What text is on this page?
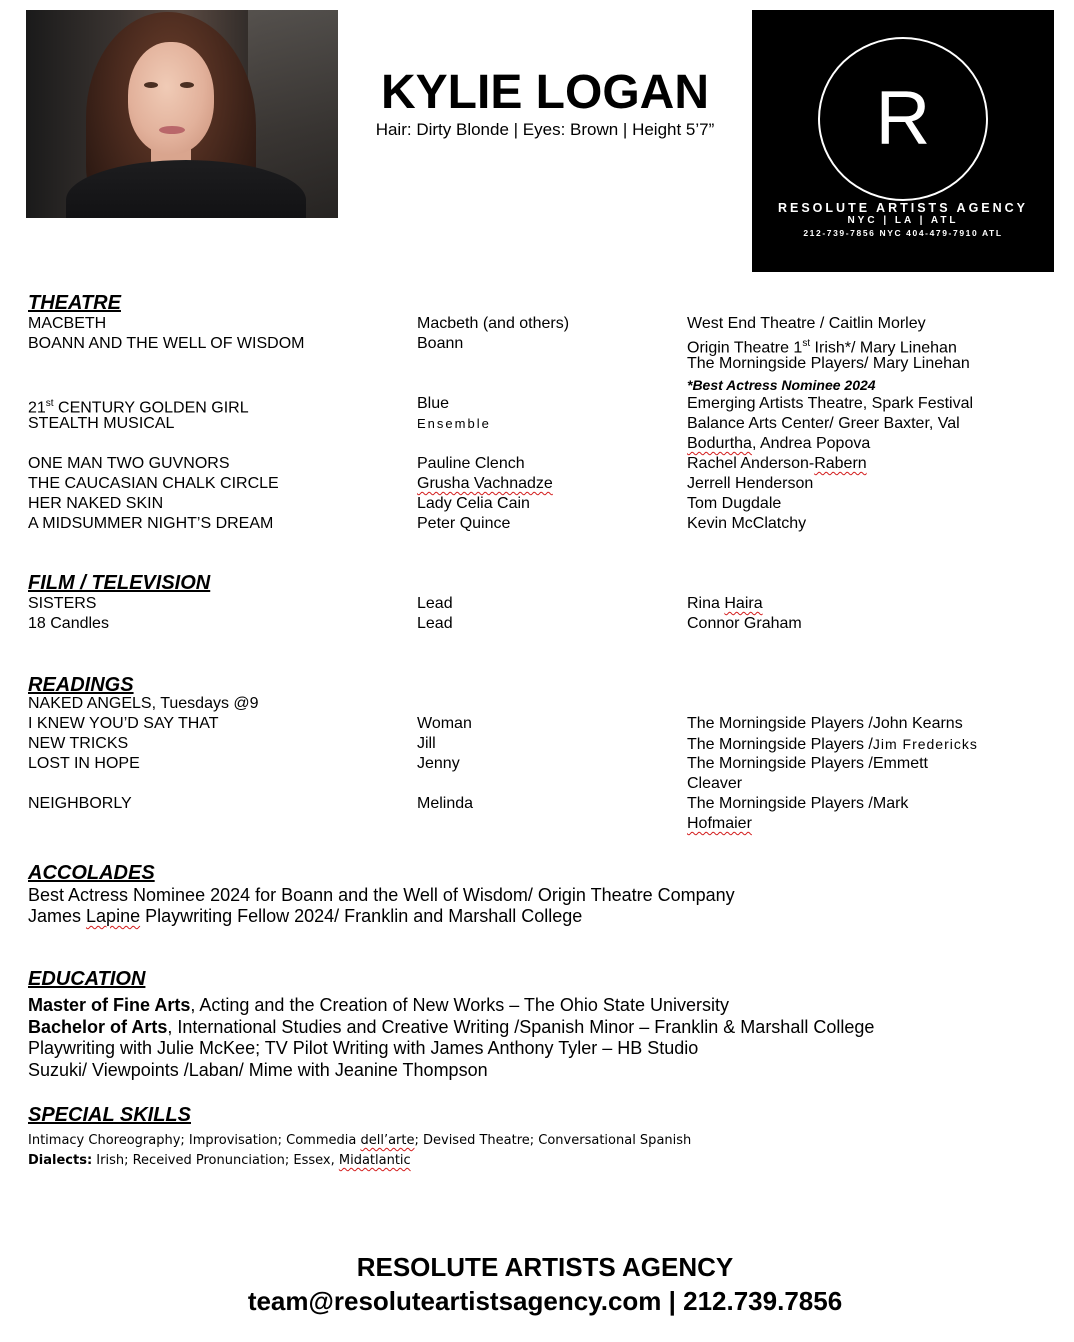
KYLIE LOGAN
Hair: Dirty Blonde | Eyes: Brown | Height 5’7”	R
RESOLUTE ARTISTS AGENCY
NYC | LA | ATL
212-739-7856 NYC 404-479-7910 ATL
THEATRE
MACBETH	Macbeth (and others)	West End Theatre / Caitlin Morley
BOANN AND THE WELL OF WISDOM	Boann	Origin Theatre 1st Irish*/ Mary Linehan
The Morningside Players/ Mary Linehan
*Best Actress Nominee 2024
21st CENTURY GOLDEN GIRL	Blue	Emerging Artists Theatre, Spark Festival
STEALTH MUSICAL	Ensemble	Balance Arts Center/ Greer Baxter, Val
Bodurtha, Andrea Popova
ONE MAN TWO GUVNORS	Pauline Clench	Rachel Anderson-Rabern
THE CAUCASIAN CHALK CIRCLE	Grusha Vachnadze	Jerrell Henderson
HER NAKED SKIN	Lady Celia Cain	Tom Dugdale
A MIDSUMMER NIGHT’S DREAM	Peter Quince	Kevin McClatchy
FILM / TELEVISION
SISTERS	Lead	Rina Haira
18 Candles	Lead	Connor Graham
READINGS
NAKED ANGELS, Tuesdays @9
I KNEW YOU’D SAY THAT	Woman	The Morningside Players /John Kearns
NEW TRICKS	Jill	The Morningside Players /Jim Fredericks
LOST IN HOPE	Jenny	The Morningside Players /Emmett
Cleaver
NEIGHBORLY	Melinda	The Morningside Players /Mark
Hofmaier
ACCOLADES
Best Actress Nominee 2024 for Boann and the Well of Wisdom/ Origin Theatre Company
James Lapine Playwriting Fellow 2024/ Franklin and Marshall College
EDUCATION
Master of Fine Arts, Acting and the Creation of New Works – The Ohio State University
Bachelor of Arts, International Studies and Creative Writing /Spanish Minor – Franklin & Marshall College
Playwriting with Julie McKee; TV Pilot Writing with James Anthony Tyler – HB Studio
Suzuki/ Viewpoints /Laban/ Mime with Jeanine Thompson
SPECIAL SKILLS
Intimacy Choreography; Improvisation; Commedia dell’arte; Devised Theatre; Conversational Spanish
Dialects: Irish; Received Pronunciation; Essex, Midatlantic
RESOLUTE ARTISTS AGENCY
team@resoluteartistsagency.com | 212.739.7856
